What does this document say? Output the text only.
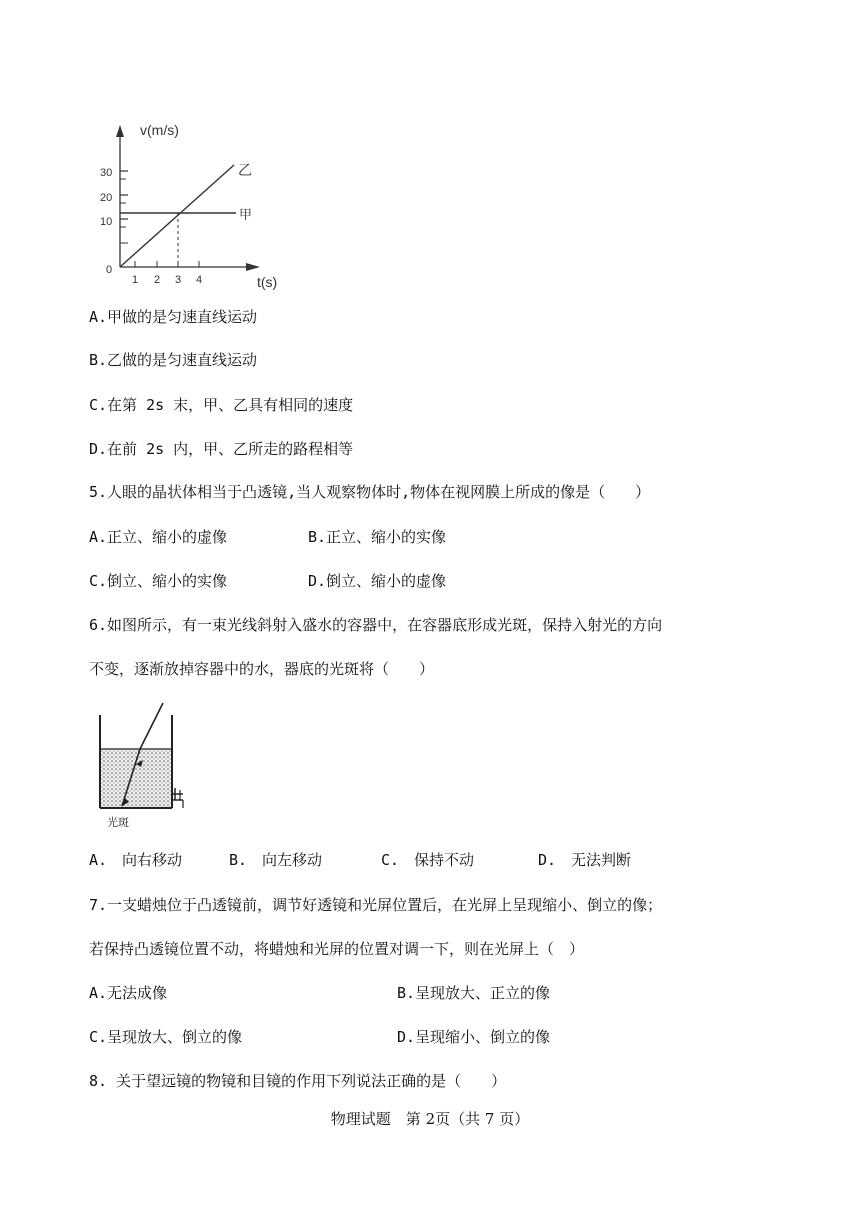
v(m/s)
t(s)
30
20
10
0
1 2 3 4
乙
甲
A.甲做的是匀速直线运动
B.乙做的是匀速直线运动
C.在第 2s 末，甲、乙具有相同的速度
D.在前 2s 内，甲、乙所走的路程相等
5.人眼的晶状体相当于凸透镜,当人观察物体时,物体在视网膜上所成的像是（　　）
A.正立、缩小的虚像	B.正立、缩小的实像
C.倒立、缩小的实像	D.倒立、缩小的虚像
6.如图所示，有一束光线斜射入盛水的容器中，在容器底形成光斑，保持入射光的方向
不变，逐渐放掉容器中的水，器底的光斑将（　　）
光斑
A.　向右移动	B.　向左移动	C.　保持不动	D.　无法判断
7.一支蜡烛位于凸透镜前，调节好透镜和光屏位置后，在光屏上呈现缩小、倒立的像；
若保持凸透镜位置不动，将蜡烛和光屏的位置对调一下，则在光屏上（　）
A.无法成像	B.呈现放大、正立的像
C.呈现放大、倒立的像	D.呈现缩小、倒立的像
8. 关于望远镜的物镜和目镜的作用下列说法正确的是（　　）
物理试题　第 2页（共 7 页）
